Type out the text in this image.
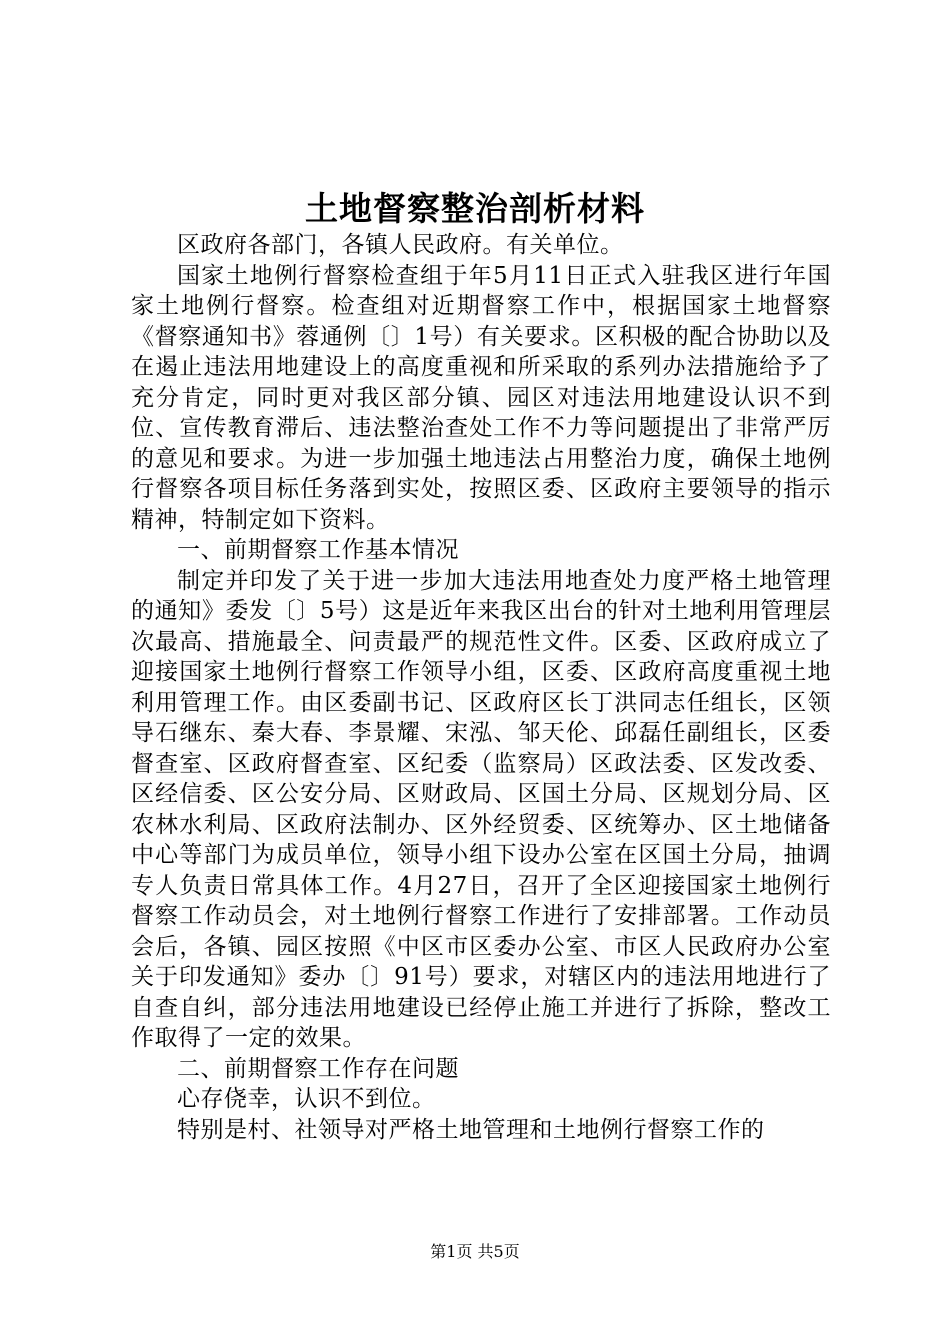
土地督察整治剖析材料

区政府各部门，各镇人民政府。有关单位。

国家土地例行督察检查组于年5月11日正式入驻我区进行年国家土地例行督察。检查组对近期督察工作中，根据国家土地督察《督察通知书》蓉通例〔〕1号）有关要求。区积极的配合协助以及在遏止违法用地建设上的高度重视和所采取的系列办法措施给予了充分肯定，同时更对我区部分镇、园区对违法用地建设认识不到位、宣传教育滞后、违法整治查处工作不力等问题提出了非常严厉的意见和要求。为进一步加强土地违法占用整治力度，确保土地例行督察各项目标任务落到实处，按照区委、区政府主要领导的指示精神，特制定如下资料。

一、前期督察工作基本情况

制定并印发了关于进一步加大违法用地查处力度严格土地管理的通知》委发〔〕5号）这是近年来我区出台的针对土地利用管理层次最高、措施最全、问责最严的规范性文件。区委、区政府成立了迎接国家土地例行督察工作领导小组，区委、区政府高度重视土地利用管理工作。由区委副书记、区政府区长丁洪同志任组长，区领导石继东、秦大春、李景耀、宋泓、邹天伦、邱磊任副组长，区委督查室、区政府督查室、区纪委（监察局）区政法委、区发改委、区经信委、区公安分局、区财政局、区国土分局、区规划分局、区农林水利局、区政府法制办、区外经贸委、区统筹办、区土地储备中心等部门为成员单位，领导小组下设办公室在区国土分局，抽调专人负责日常具体工作。4月27日，召开了全区迎接国家土地例行督察工作动员会，对土地例行督察工作进行了安排部署。工作动员会后，各镇、园区按照《中区市区委办公室、市区人民政府办公室关于印发通知》委办〔〕91号）要求，对辖区内的违法用地进行了自查自纠，部分违法用地建设已经停止施工并进行了拆除，整改工作取得了一定的效果。

二、前期督察工作存在问题

心存侥幸，认识不到位。

特别是村、社领导对严格土地管理和土地例行督察工作的

第1页 共5页
